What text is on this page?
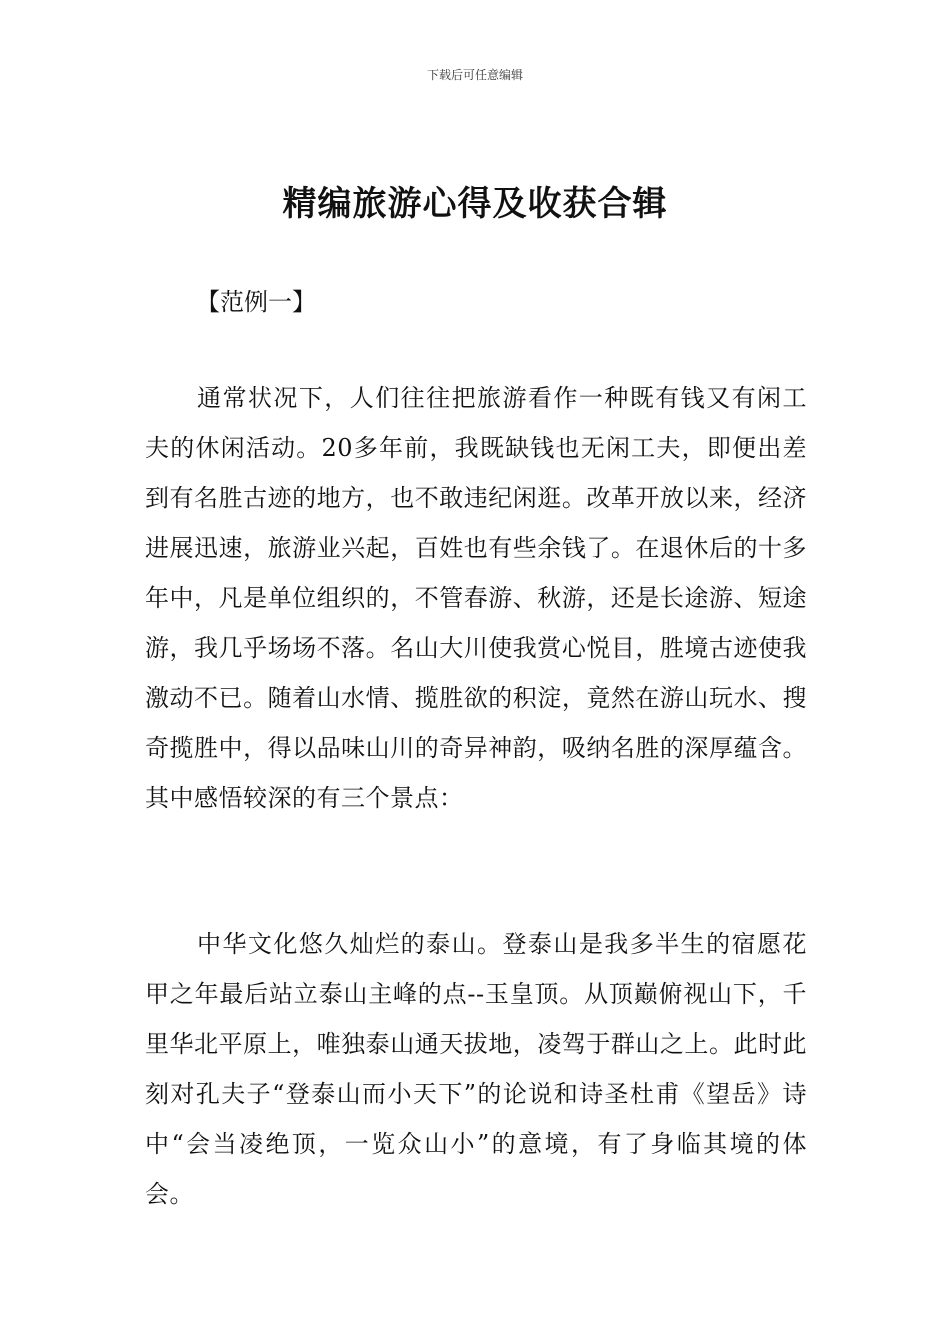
下载后可任意编辑
精编旅游心得及收获合辑
【范例一】

通常状况下，人们往往把旅游看作一种既有钱又有闲工夫的休闲活动。20多年前，我既缺钱也无闲工夫，即便出差到有名胜古迹的地方，也不敢违纪闲逛。改革开放以来，经济进展迅速，旅游业兴起，百姓也有些余钱了。在退休后的十多年中，凡是单位组织的，不管春游、秋游，还是长途游、短途游，我几乎场场不落。名山大川使我赏心悦目，胜境古迹使我激动不已。随着山水情、揽胜欲的积淀，竟然在游山玩水、搜奇揽胜中，得以品味山川的奇异神韵，吸纳名胜的深厚蕴含。其中感悟较深的有三个景点：

中华文化悠久灿烂的泰山。登泰山是我多半生的宿愿花甲之年最后站立泰山主峰的点--玉皇顶。从顶巅俯视山下，千里华北平原上，唯独泰山通天拔地，凌驾于群山之上。此时此刻对孔夫子“登泰山而小天下”的论说和诗圣杜甫《望岳》诗中“会当凌绝顶，一览众山小”的意境，有了身临其境的体会。
